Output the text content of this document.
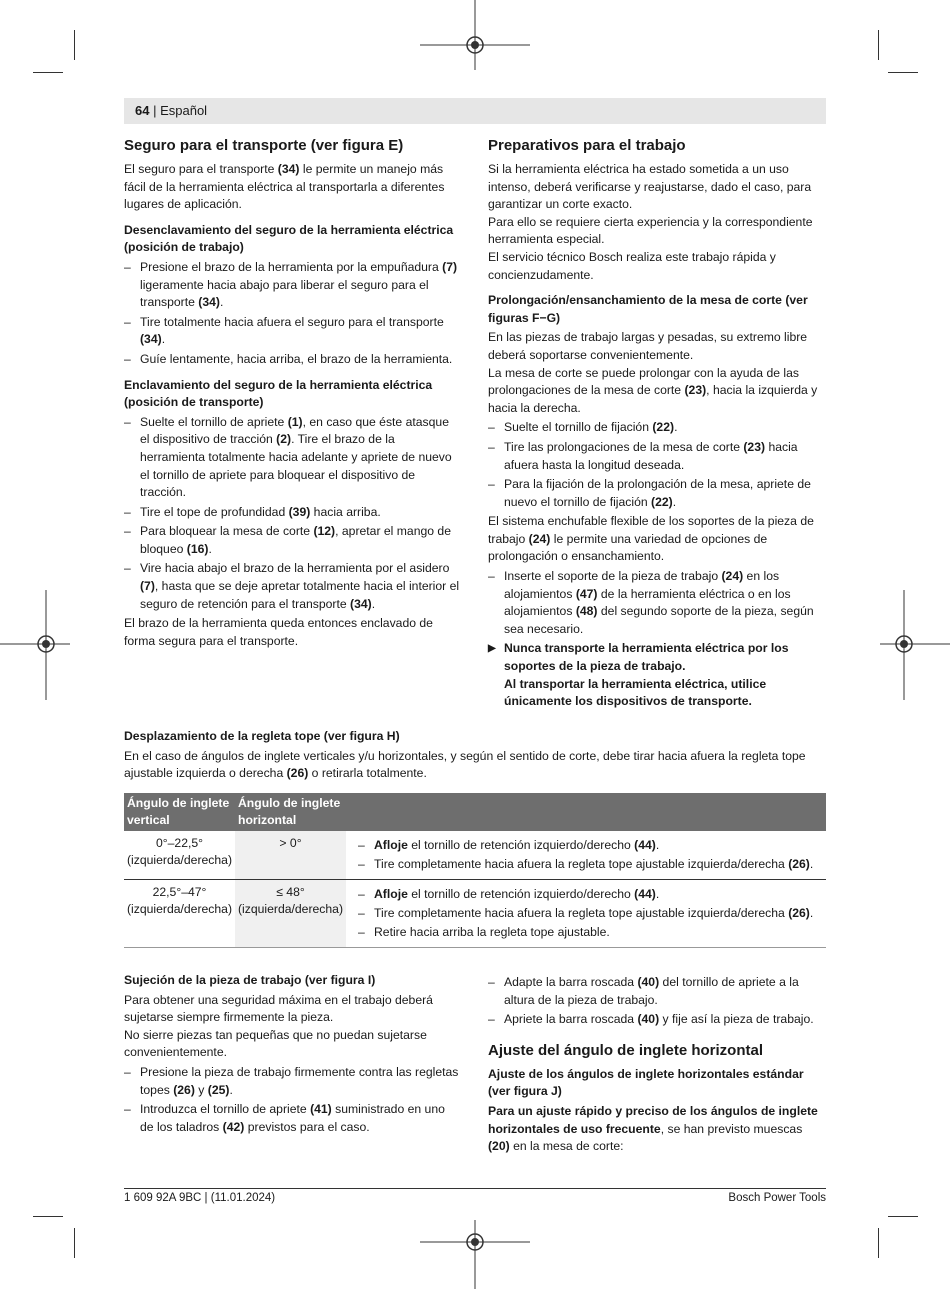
64 | Español
Seguro para el transporte (ver figura E)

El seguro para el transporte (34) le permite un manejo más fácil de la herramienta eléctrica al transportarla a diferentes lugares de aplicación.

Desenclavamiento del seguro de la herramienta eléctrica (posición de trabajo)
– Presione el brazo de la herramienta por la empuñadura (7) ligeramente hacia abajo para liberar el seguro para el transporte (34).
– Tire totalmente hacia afuera el seguro para el transporte (34).
– Guíe lentamente, hacia arriba, el brazo de la herramienta.
Enclavamiento del seguro de la herramienta eléctrica (posición de transporte)
– Suelte el tornillo de apriete (1), en caso que éste atasque el dispositivo de tracción (2). Tire el brazo de la herramienta totalmente hacia adelante y apriete de nuevo el tornillo de apriete para bloquear el dispositivo de tracción.
– Tire el tope de profundidad (39) hacia arriba.
– Para bloquear la mesa de corte (12), apretar el mango de bloqueo (16).
– Vire hacia abajo el brazo de la herramienta por el asidero (7), hasta que se deje apretar totalmente hacia el interior el seguro de retención para el transporte (34).

El brazo de la herramienta queda entonces enclavado de forma segura para el transporte.

Preparativos para el trabajo

Si la herramienta eléctrica ha estado sometida a un uso intenso, deberá verificarse y reajustarse, dado el caso, para garantizar un corte exacto.

Para ello se requiere cierta experiencia y la correspondiente herramienta especial.

El servicio técnico Bosch realiza este trabajo rápida y concienzudamente.

Prolongación/ensanchamiento de la mesa de corte (ver figuras F−G)

En las piezas de trabajo largas y pesadas, su extremo libre deberá soportarse convenientemente.

La mesa de corte se puede prolongar con la ayuda de las prolongaciones de la mesa de corte (23), hacia la izquierda y hacia la derecha.

– Suelte el tornillo de fijación (22).
– Tire las prolongaciones de la mesa de corte (23) hacia afuera hasta la longitud deseada.
– Para la fijación de la prolongación de la mesa, apriete de nuevo el tornillo de fijación (22).

El sistema enchufable flexible de los soportes de la pieza de trabajo (24) le permite una variedad de opciones de prolongación o ensanchamiento.

– Inserte el soporte de la pieza de trabajo (24) en los alojamientos (47) de la herramienta eléctrica o en los alojamientos (48) del segundo soporte de la pieza, según sea necesario.
▶ Nunca transporte la herramienta eléctrica por los soportes de la pieza de trabajo.
Al transportar la herramienta eléctrica, utilice únicamente los dispositivos de transporte.
Desplazamiento de la regleta tope (ver figura H)

En el caso de ángulos de inglete verticales y/u horizontales, y según el sentido de corte, debe tirar hacia afuera la regleta tope ajustable izquierda o derecha (26) o retirarla totalmente.

Ángulo de inglete vertical	Ángulo de inglete horizontal	
0°–22,5° (izquierda/derecha)	> 0°	– Afloje el tornillo de retención izquierdo/derecho (44).
– Tire completamente hacia afuera la regleta tope ajustable izquierda/derecha (26).

22,5°–47° (izquierda/derecha)	≤ 48° (izquierda/derecha)	– Afloje el tornillo de retención izquierdo/derecho (44).
– Tire completamente hacia afuera la regleta tope ajustable izquierda/derecha (26).
– Retire hacia arriba la regleta tope ajustable.
Sujeción de la pieza de trabajo (ver figura I)

Para obtener una seguridad máxima en el trabajo deberá sujetarse siempre firmemente la pieza.

No sierre piezas tan pequeñas que no puedan sujetarse convenientemente.

– Presione la pieza de trabajo firmemente contra las regletas topes (26) y (25).
– Introduzca el tornillo de apriete (41) suministrado en uno de los taladros (42) previstos para el caso.
– Adapte la barra roscada (40) del tornillo de apriete a la altura de la pieza de trabajo.
– Apriete la barra roscada (40) y fije así la pieza de trabajo.
Ajuste del ángulo de inglete horizontal
Ajuste de los ángulos de inglete horizontales estándar (ver figura J)

Para un ajuste rápido y preciso de los ángulos de inglete horizontales de uso frecuente, se han previsto muescas (20) en la mesa de corte:

1 609 92A 9BC | (11.01.2024)	Bosch Power Tools
